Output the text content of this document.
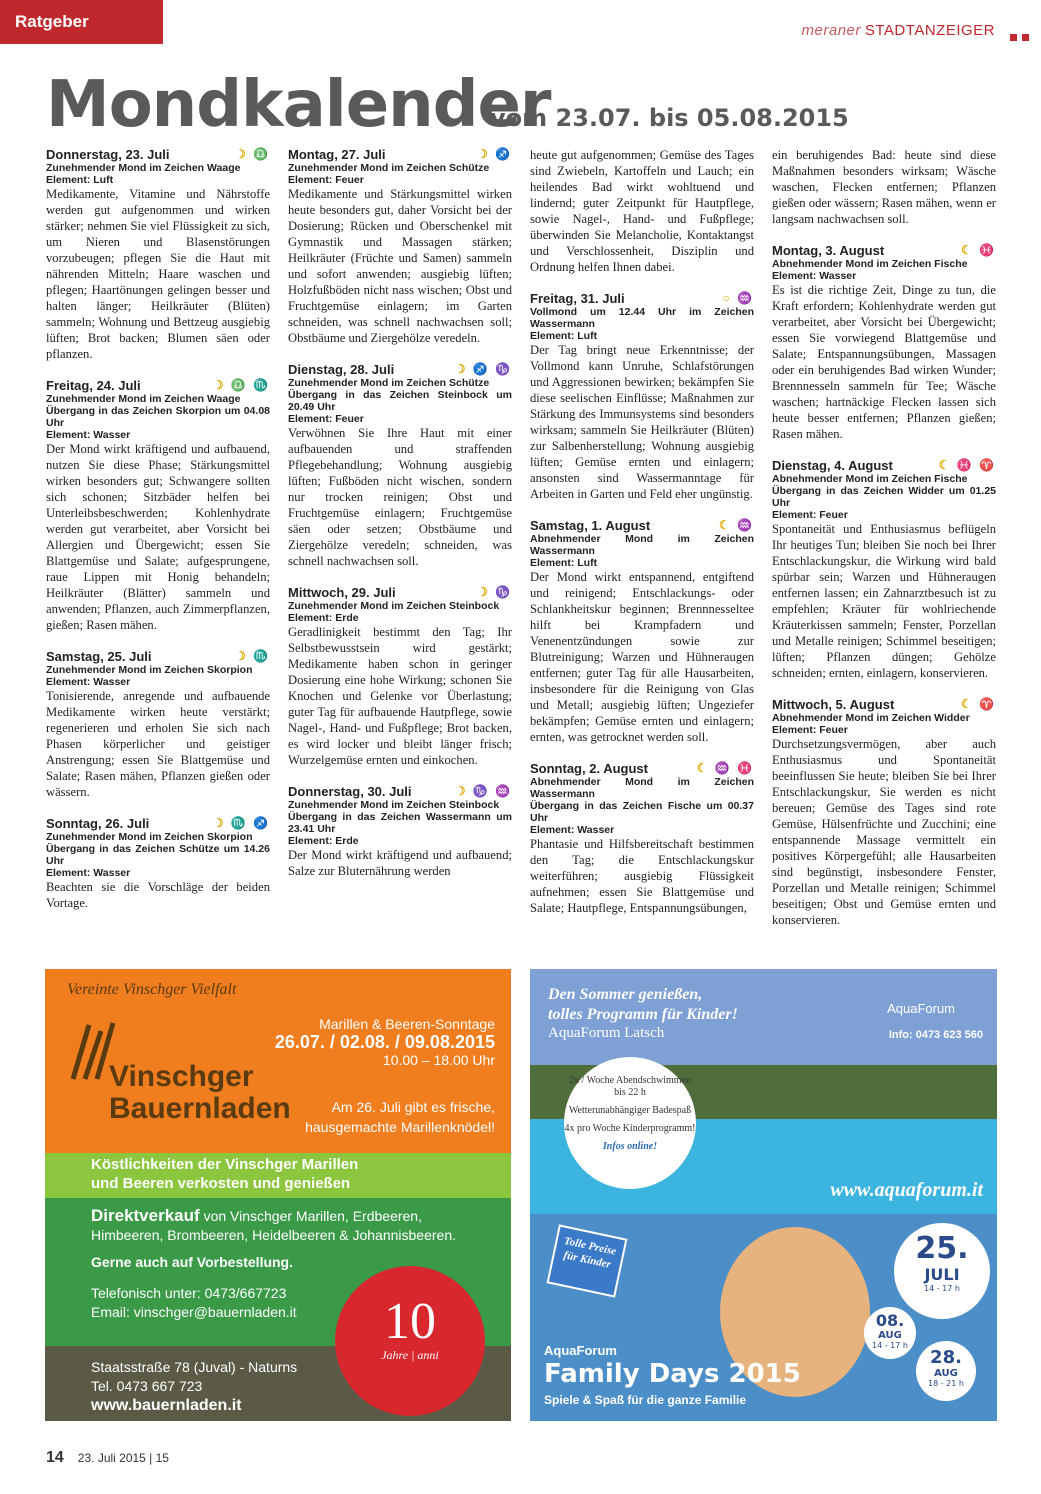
Ratgeber	meraner STADTANZEIGER
Mondkalender
vom 23.07. bis 05.08.2015
Donnerstag, 23. Juli	☽ ♎
Zunehmender Mond im Zeichen Waage
Element: Luft

Medikamente, Vitamine und Nährstoffe werden gut aufgenommen und wirken stärker; nehmen Sie viel Flüssigkeit zu sich, um Nieren und Blasenstörungen vorzubeugen; pflegen Sie die Haut mit nährenden Mitteln; Haare waschen und pflegen; Haartönungen gelingen besser und halten länger; Heilkräuter (Blüten) sammeln; Wohnung und Bettzeug ausgiebig lüften; Brot backen; Blumen säen oder pflanzen.

Freitag, 24. Juli	☽ ♎ ♏
Zunehmender Mond im Zeichen Waage
Übergang in das Zeichen Skorpion um 04.08 Uhr
Element: Wasser

Der Mond wirkt kräftigend und aufbauend, nutzen Sie diese Phase; Stärkungsmittel wirken besonders gut; Schwangere sollten sich schonen; Sitzbäder helfen bei Unterleibsbeschwerden; Kohlenhydrate werden gut verarbeitet, aber Vorsicht bei Allergien und Übergewicht; essen Sie Blattgemüse und Salate; aufgesprungene, raue Lippen mit Honig behandeln; Heilkräuter (Blätter) sammeln und anwenden; Pflanzen, auch Zimmerpflanzen, gießen; Rasen mähen.

Samstag, 25. Juli	☽ ♏
Zunehmender Mond im Zeichen Skorpion
Element: Wasser

Tonisierende, anregende und aufbauende Medikamente wirken heute verstärkt; regenerieren und erholen Sie sich nach Phasen körperlicher und geistiger Anstrengung; essen Sie Blattgemüse und Salate; Rasen mähen, Pflanzen gießen oder wässern.

Sonntag, 26. Juli	☽ ♏ ♐
Zunehmender Mond im Zeichen Skorpion
Übergang in das Zeichen Schütze um 14.26 Uhr
Element: Wasser

Beachten sie die Vorschläge der beiden Vortage.

Montag, 27. Juli	☽ ♐
Zunehmender Mond im Zeichen Schütze
Element: Feuer

Medikamente und Stärkungsmittel wirken heute besonders gut, daher Vorsicht bei der Dosierung; Rücken und Oberschenkel mit Gymnastik und Massagen stärken; Heilkräuter (Früchte und Samen) sammeln und sofort anwenden; ausgiebig lüften; Holzfußböden nicht nass wischen; Obst und Fruchtgemüse einlagern; im Garten schneiden, was schnell nachwachsen soll; Obstbäume und Ziergehölze veredeln.

Dienstag, 28. Juli	☽ ♐ ♑
Zunehmender Mond im Zeichen Schütze
Übergang in das Zeichen Steinbock um 20.49 Uhr
Element: Feuer

Verwöhnen Sie Ihre Haut mit einer aufbauenden und straffenden Pflegebehandlung; Wohnung ausgiebig lüften; Fußböden nicht wischen, sondern nur trocken reinigen; Obst und Fruchtgemüse einlagern; Fruchtgemüse säen oder setzen; Obstbäume und Ziergehölze veredeln; schneiden, was schnell nachwachsen soll.

Mittwoch, 29. Juli	☽ ♑
Zunehmender Mond im Zeichen Steinbock
Element: Erde

Geradlinigkeit bestimmt den Tag; Ihr Selbstbewusstsein wird gestärkt; Medikamente haben schon in geringer Dosierung eine hohe Wirkung; schonen Sie Knochen und Gelenke vor Überlastung; guter Tag für aufbauende Hautpflege, sowie Nagel-, Hand- und Fußpflege; Brot backen, es wird locker und bleibt länger frisch; Wurzelgemüse ernten und einkochen.

Donnerstag, 30. Juli	☽ ♑ ♒
Zunehmender Mond im Zeichen Steinbock
Übergang in das Zeichen Wassermann um 23.41 Uhr
Element: Erde

Der Mond wirkt kräftigend und aufbauend; Salze zur Bluternährung werden

heute gut aufgenommen; Gemüse des Tages sind Zwiebeln, Kartoffeln und Lauch; ein heilendes Bad wirkt wohltuend und lindernd; guter Zeitpunkt für Hautpflege, sowie Nagel-, Hand- und Fußpflege; überwinden Sie Melancholie, Kontaktangst und Verschlossenheit, Disziplin und Ordnung helfen Ihnen dabei.

Freitag, 31. Juli	○ ♒
Vollmond um 12.44 Uhr im Zeichen Wassermann
Element: Luft

Der Tag bringt neue Erkenntnisse; der Vollmond kann Unruhe, Schlafstörungen und Aggressionen bewirken; bekämpfen Sie diese seelischen Einflüsse; Maßnahmen zur Stärkung des Immunsystems sind besonders wirksam; sammeln Sie Heilkräuter (Blüten) zur Salbenherstellung; Wohnung ausgiebig lüften; Gemüse ernten und einlagern; ansonsten sind Wassermanntage für Arbeiten in Garten und Feld eher ungünstig.

Samstag, 1. August	☾ ♒
Abnehmender Mond im Zeichen Wassermann
Element: Luft

Der Mond wirkt entspannend, entgiftend und reinigend; Entschlackungs- oder Schlankheitskur beginnen; Brennnesseltee hilft bei Krampfadern und Venenentzündungen sowie zur Blutreinigung; Warzen und Hühneraugen entfernen; guter Tag für alle Hausarbeiten, insbesondere für die Reinigung von Glas und Metall; ausgiebig lüften; Ungeziefer bekämpfen; Gemüse ernten und einlagern; ernten, was getrocknet werden soll.

Sonntag, 2. August	☾ ♒ ♓
Abnehmender Mond im Zeichen Wassermann
Übergang in das Zeichen Fische um 00.37 Uhr
Element: Wasser

Phantasie und Hilfsbereitschaft bestimmen den Tag; die Entschlackungskur weiterführen; ausgiebig Flüssigkeit aufnehmen; essen Sie Blattgemüse und Salate; Hautpflege, Entspannungsübungen,

ein beruhigendes Bad: heute sind diese Maßnahmen besonders wirksam; Wäsche waschen, Flecken entfernen; Pflanzen gießen oder wässern; Rasen mähen, wenn er langsam nachwachsen soll.

Montag, 3. August	☾ ♓
Abnehmender Mond im Zeichen Fische
Element: Wasser

Es ist die richtige Zeit, Dinge zu tun, die Kraft erfordern; Kohlenhydrate werden gut verarbeitet, aber Vorsicht bei Übergewicht; essen Sie vorwiegend Blattgemüse und Salate; Entspannungsübungen, Massagen oder ein beruhigendes Bad wirken Wunder; Brennnesseln sammeln für Tee; Wäsche waschen; hartnäckige Flecken lassen sich heute besser entfernen; Pflanzen gießen; Rasen mähen.

Dienstag, 4. August	☾ ♓ ♈
Abnehmender Mond im Zeichen Fische
Übergang in das Zeichen Widder um 01.25 Uhr
Element: Feuer

Spontaneität und Enthusiasmus beflügeln Ihr heutiges Tun; bleiben Sie noch bei Ihrer Entschlackungskur, die Wirkung wird bald spürbar sein; Warzen und Hühneraugen entfernen lassen; ein Zahnarztbesuch ist zu empfehlen; Kräuter für wohlriechende Kräuterkissen sammeln; Fenster, Porzellan und Metalle reinigen; Schimmel beseitigen; lüften; Pflanzen düngen; Gehölze schneiden; ernten, einlagern, konservieren.

Mittwoch, 5. August	☾ ♈
Abnehmender Mond im Zeichen Widder
Element: Feuer

Durchsetzungsvermögen, aber auch Enthusiasmus und Spontaneität beeinflussen Sie heute; bleiben Sie bei Ihrer Entschlackungskur, Sie werden es nicht bereuen; Gemüse des Tages sind rote Gemüse, Hülsenfrüchte und Zucchini; eine entspannende Massage vermittelt ein positives Körpergefühl; alle Hausarbeiten sind begünstigt, insbesondere Fenster, Porzellan und Metalle reinigen; Schimmel beseitigen; Obst und Gemüse ernten und konservieren.

Vereinte Vinschger Vielfalt
Vinschger
Bauernladen
Marillen & Beeren-Sonntage
26.07. / 02.08. / 09.08.2015
10.00 – 18.00 Uhr
Am 26. Juli gibt es frische,
hausgemachte Marillenknödel!
Köstlichkeiten der Vinschger Marillen
und Beeren verkosten und genießen
Direktverkauf von Vinschger Marillen, Erdbeeren, Himbeeren, Brombeeren, Heidelbeeren & Johannisbeeren.
Gerne auch auf Vorbestellung.
Telefonisch unter: 0473/667723
Email: vinschger@bauernladen.it
Staatsstraße 78 (Juval) - Naturns
Tel. 0473 667 723
www.bauernladen.it
10
Jahre | anni
Den Sommer genießen,
tolles Programm für Kinder!
AquaForum Latsch
AquaForum
Info: 0473 623 560

2x / Woche Abendschwimmen bis 22 h

Wetterunabhängiger Badespaß

4x pro Woche Kinderprogramm!

Infos online!

www.aquaforum.it
Tolle Preise für Kinder
AquaForum
Family Days 2015
Spiele & Spaß für die ganze Familie
25.
JULI
14 - 17 h
08.
AUG
14 - 17 h
28.
AUG
18 - 21 h
14 23. Juli 2015 | 15
